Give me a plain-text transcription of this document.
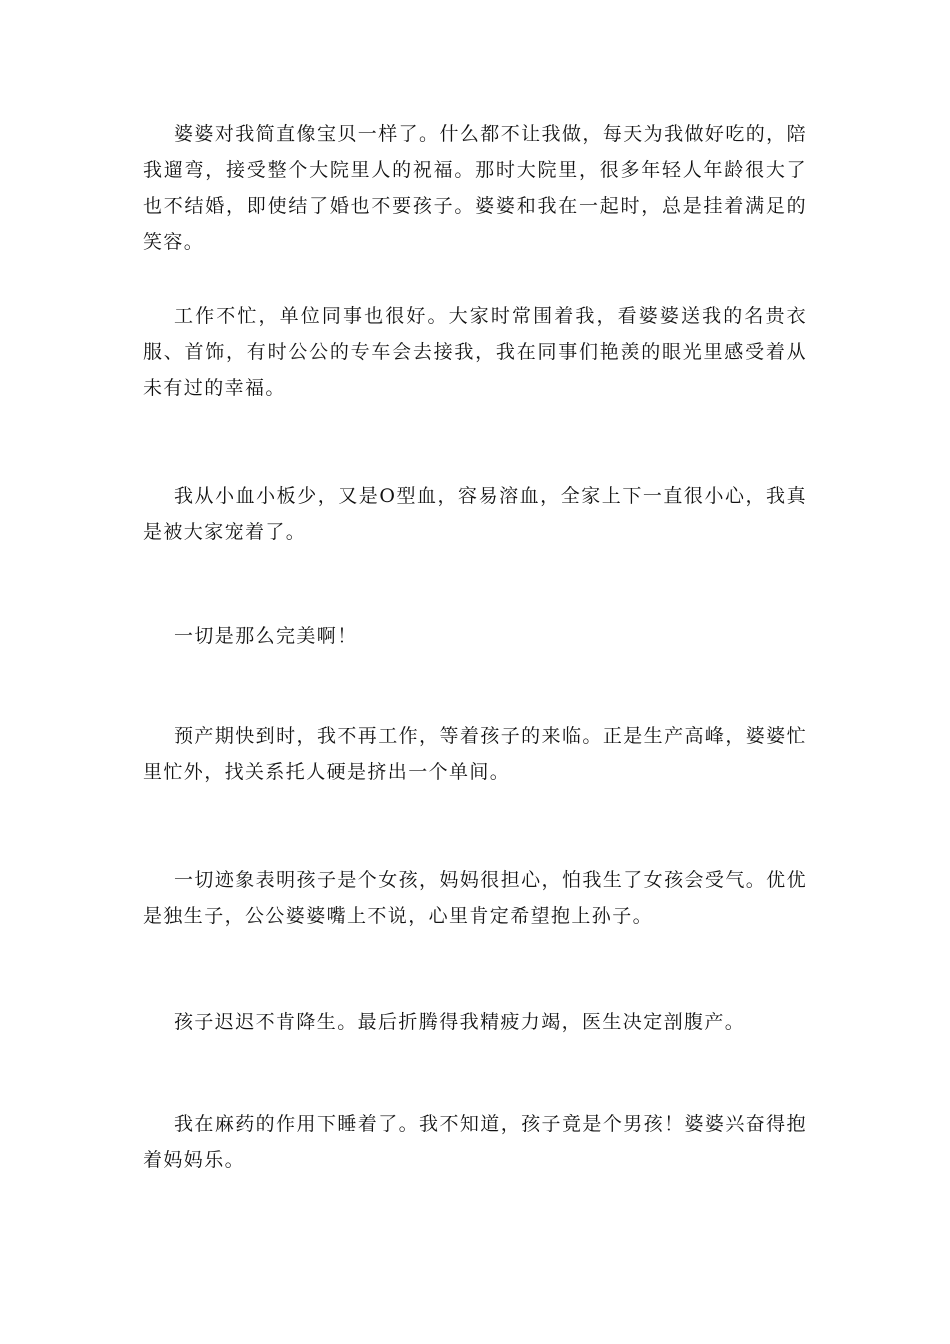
婆婆对我简直像宝贝一样了。什么都不让我做，每天为我做好吃的，陪我遛弯，接受整个大院里人的祝福。那时大院里，很多年轻人年龄很大了也不结婚，即使结了婚也不要孩子。婆婆和我在一起时，总是挂着满足的笑容。

工作不忙，单位同事也很好。大家时常围着我，看婆婆送我的名贵衣服、首饰，有时公公的专车会去接我，我在同事们艳羡的眼光里感受着从未有过的幸福。

我从小血小板少，又是O型血，容易溶血，全家上下一直很小心，我真是被大家宠着了。

一切是那么完美啊！

预产期快到时，我不再工作，等着孩子的来临。正是生产高峰，婆婆忙里忙外，找关系托人硬是挤出一个单间。

一切迹象表明孩子是个女孩，妈妈很担心，怕我生了女孩会受气。优优是独生子，公公婆婆嘴上不说，心里肯定希望抱上孙子。

孩子迟迟不肯降生。最后折腾得我精疲力竭，医生决定剖腹产。

我在麻药的作用下睡着了。我不知道，孩子竟是个男孩！婆婆兴奋得抱着妈妈乐。
